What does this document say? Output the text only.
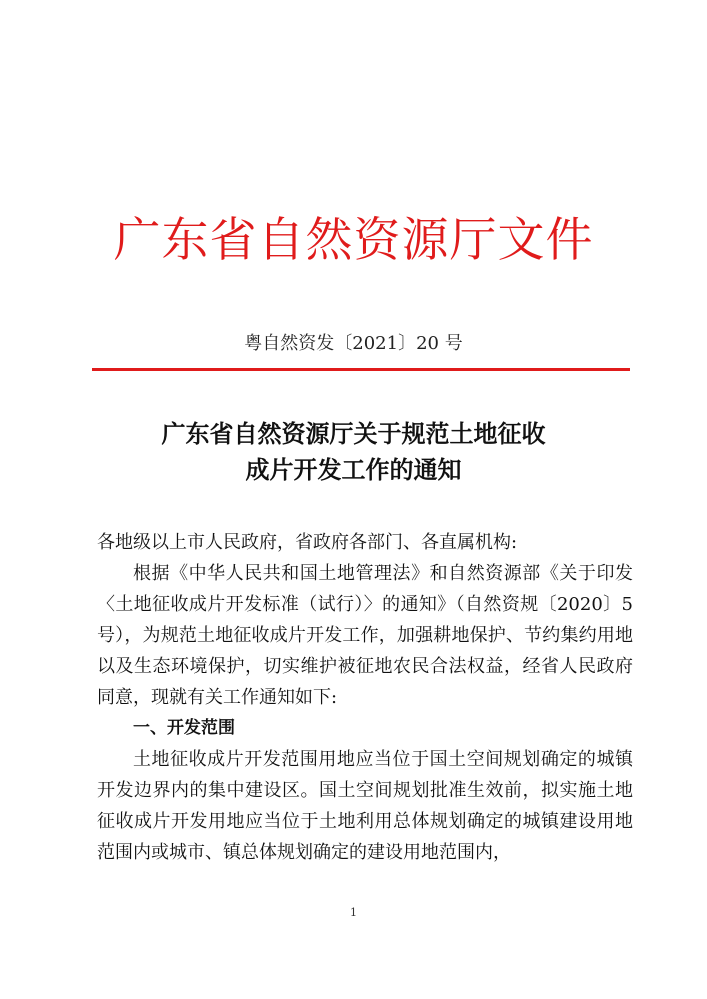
广东省自然资源厅文件
粤自然资发〔2021〕20 号
广东省自然资源厅关于规范土地征收
成片开发工作的通知

各地级以上市人民政府，省政府各部门、各直属机构:

根据《中华人民共和国土地管理法》和自然资源部《关于印发〈土地征收成片开发标准（试行）〉的通知》（自然资规〔2020〕5 号），为规范土地征收成片开发工作，加强耕地保护、节约集约用地以及生态环境保护，切实维护被征地农民合法权益，经省人民政府同意，现就有关工作通知如下:

一、开发范围

土地征收成片开发范围用地应当位于国土空间规划确定的城镇开发边界内的集中建设区。国土空间规划批准生效前，拟实施土地征收成片开发用地应当位于土地利用总体规划确定的城镇建设用地范围内或城市、镇总体规划确定的建设用地范围内，

1
